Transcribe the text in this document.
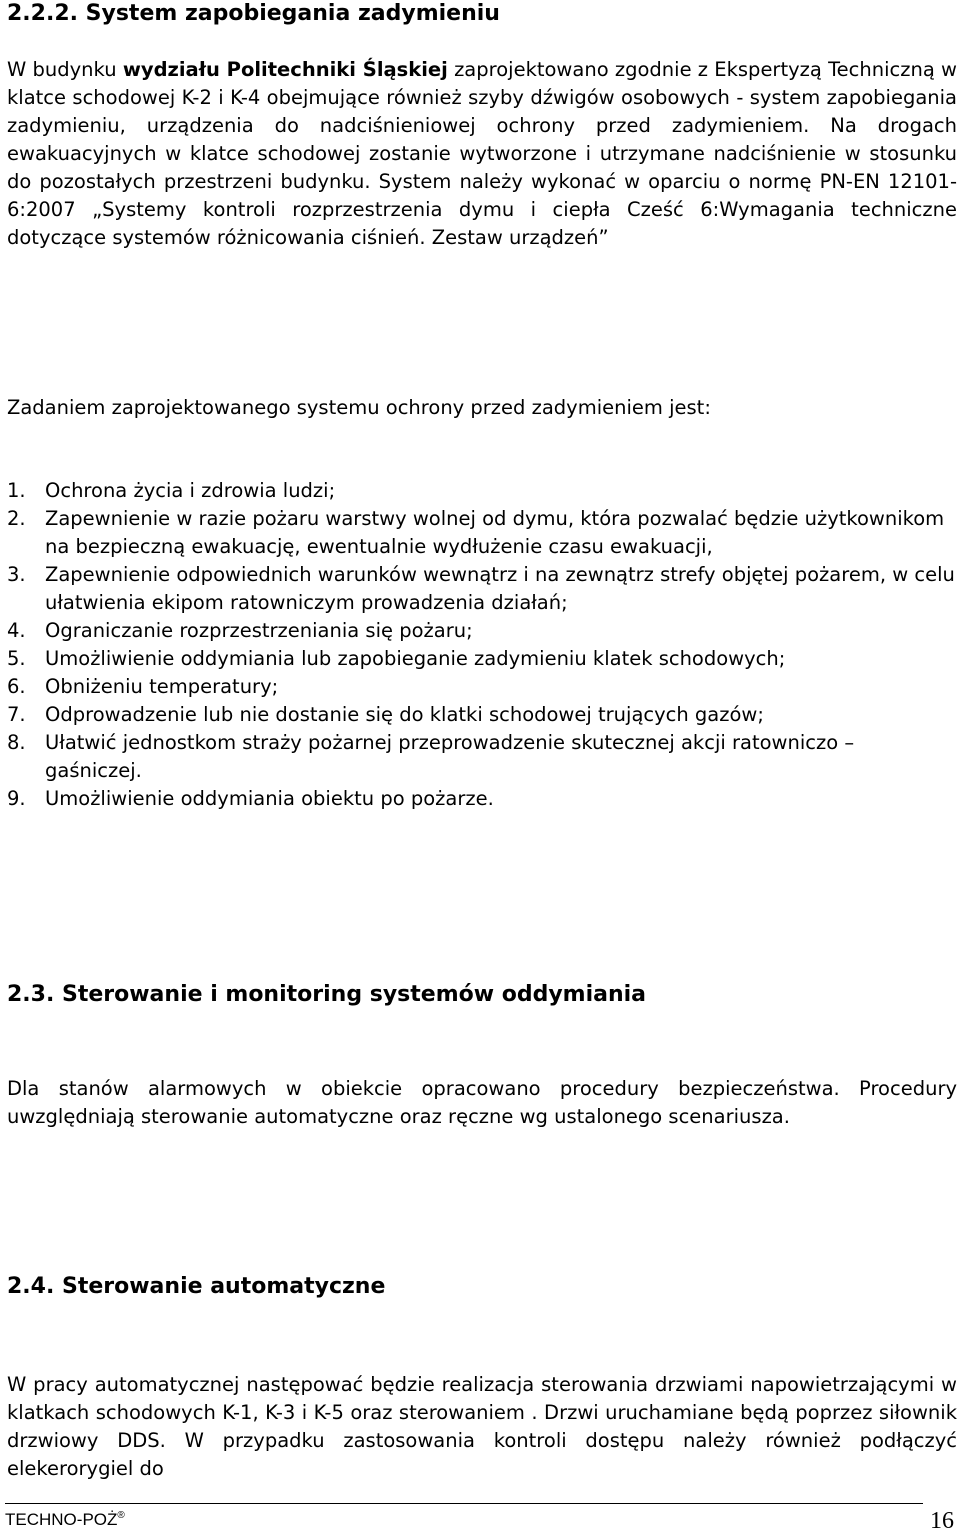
2.2.2. System zapobiegania zadymieniu

W budynku wydziału Politechniki Śląskiej zaprojektowano zgodnie z Ekspertyzą Techniczną w klatce schodowej K-2 i K-4 obejmujące również szyby dźwigów osobowych - system zapobiegania zadymieniu, urządzenia do nadciśnieniowej ochrony przed zadymieniem. Na drogach ewakuacyjnych w klatce schodowej zostanie wytworzone i utrzymane nadciśnienie w stosunku do pozostałych przestrzeni budynku. System należy wykonać w oparciu o normę PN-EN 12101-6:2007 „Systemy kontroli rozprzestrzenia dymu i ciepła Cześć 6:Wymagania techniczne dotyczące systemów różnicowania ciśnień. Zestaw urządzeń”

Zadaniem zaprojektowanego systemu ochrony przed zadymieniem jest:

1. Ochrona życia i zdrowia ludzi;
2. Zapewnienie w razie pożaru warstwy wolnej od dymu, która pozwalać będzie użytkownikom na bezpieczną ewakuację, ewentualnie wydłużenie czasu ewakuacji,
3. Zapewnienie odpowiednich warunków wewnątrz i na zewnątrz strefy objętej pożarem, w celu ułatwienia ekipom ratowniczym prowadzenia działań;
4. Ograniczanie rozprzestrzeniania się pożaru;
5. Umożliwienie oddymiania lub zapobieganie zadymieniu klatek schodowych;
6. Obniżeniu temperatury;
7. Odprowadzenie lub nie dostanie się do klatki schodowej trujących gazów;
8. Ułatwić jednostkom straży pożarnej przeprowadzenie skutecznej akcji ratowniczo – gaśniczej.
9. Umożliwienie oddymiania obiektu po pożarze.
2.3. Sterowanie i monitoring systemów oddymiania

Dla stanów alarmowych w obiekcie opracowano procedury bezpieczeństwa. Procedury uwzględniają sterowanie automatyczne oraz ręczne wg ustalonego scenariusza.

2.4. Sterowanie automatyczne

W pracy automatycznej następować będzie realizacja sterowania drzwiami napowietrzającymi w klatkach schodowych K-1, K-3 i K-5 oraz sterowaniem . Drzwi uruchamiane będą poprzez siłownik drzwiowy DDS. W przypadku zastosowania kontroli dostępu należy również podłączyć elekerorygiel do

TECHNO-POŻ®	16
